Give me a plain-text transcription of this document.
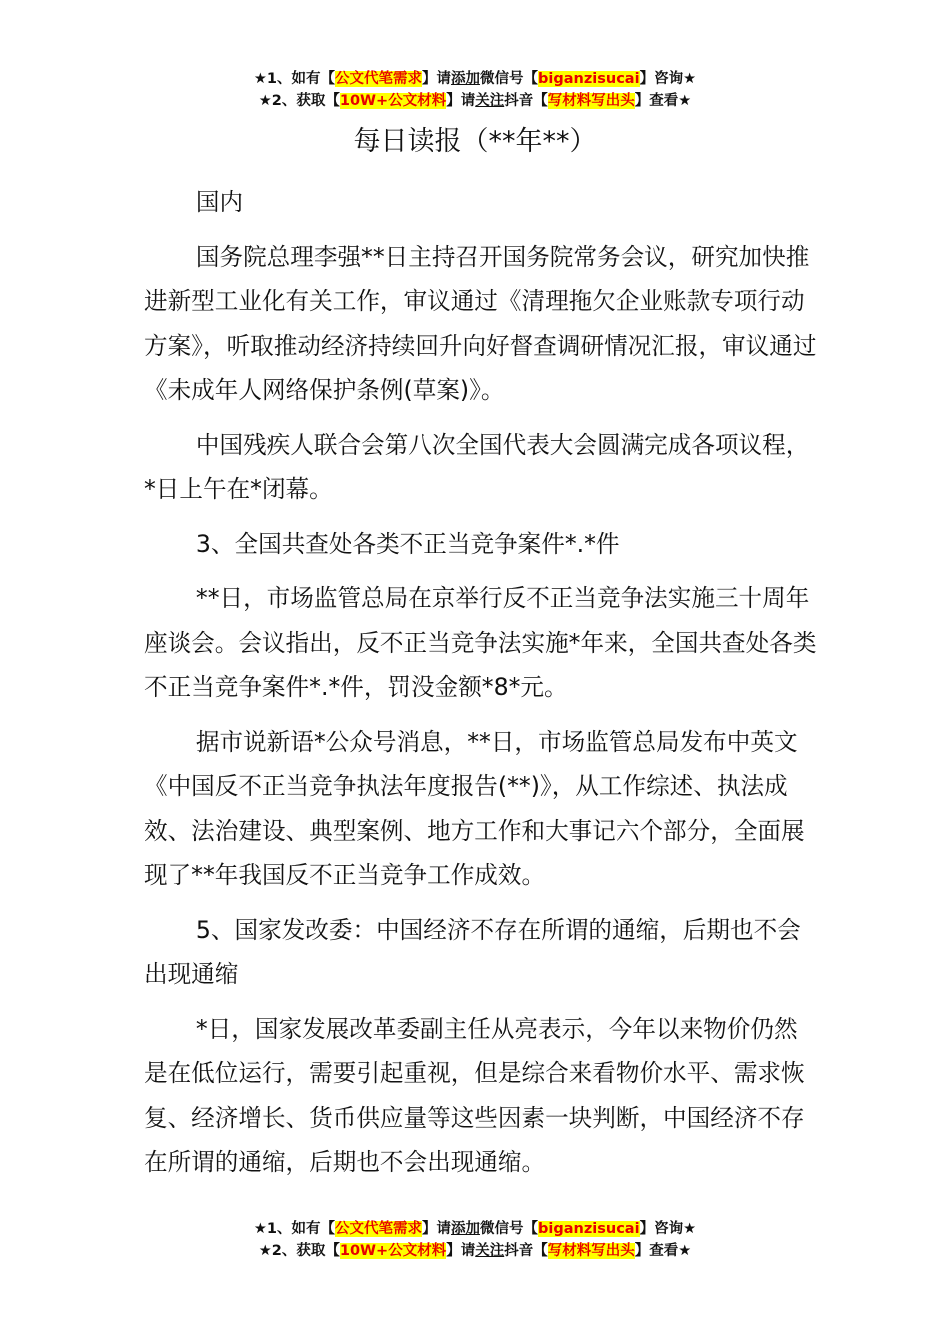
★1、如有【公文代笔需求】请添加微信号【biganzisucai】咨询★
★2、获取【10W+公文材料】请关注抖音【写材料写出头】查看★
每日读报（**年**）

国内

国务院总理李强**日主持召开国务院常务会议，研究加快推进新型工业化有关工作，审议通过《清理拖欠企业账款专项行动方案》，听取推动经济持续回升向好督查调研情况汇报，审议通过《未成年人网络保护条例(草案)》。

中国残疾人联合会第八次全国代表大会圆满完成各项议程，*日上午在*闭幕。

3、全国共查处各类不正当竞争案件*.*件

**日，市场监管总局在京举行反不正当竞争法实施三十周年座谈会。会议指出，反不正当竞争法实施*年来，全国共查处各类不正当竞争案件*.*件，罚没金额*8*元。

据市说新语*公众号消息，**日，市场监管总局发布中英文《中国反不正当竞争执法年度报告(**)》，从工作综述、执法成效、法治建设、典型案例、地方工作和大事记六个部分，全面展现了**年我国反不正当竞争工作成效。

5、国家发改委：中国经济不存在所谓的通缩，后期也不会出现通缩

*日，国家发展改革委副主任从亮表示，今年以来物价仍然是在低位运行，需要引起重视，但是综合来看物价水平、需求恢复、经济增长、货币供应量等这些因素一块判断，中国经济不存在所谓的通缩，后期也不会出现通缩。

★1、如有【公文代笔需求】请添加微信号【biganzisucai】咨询★
★2、获取【10W+公文材料】请关注抖音【写材料写出头】查看★
